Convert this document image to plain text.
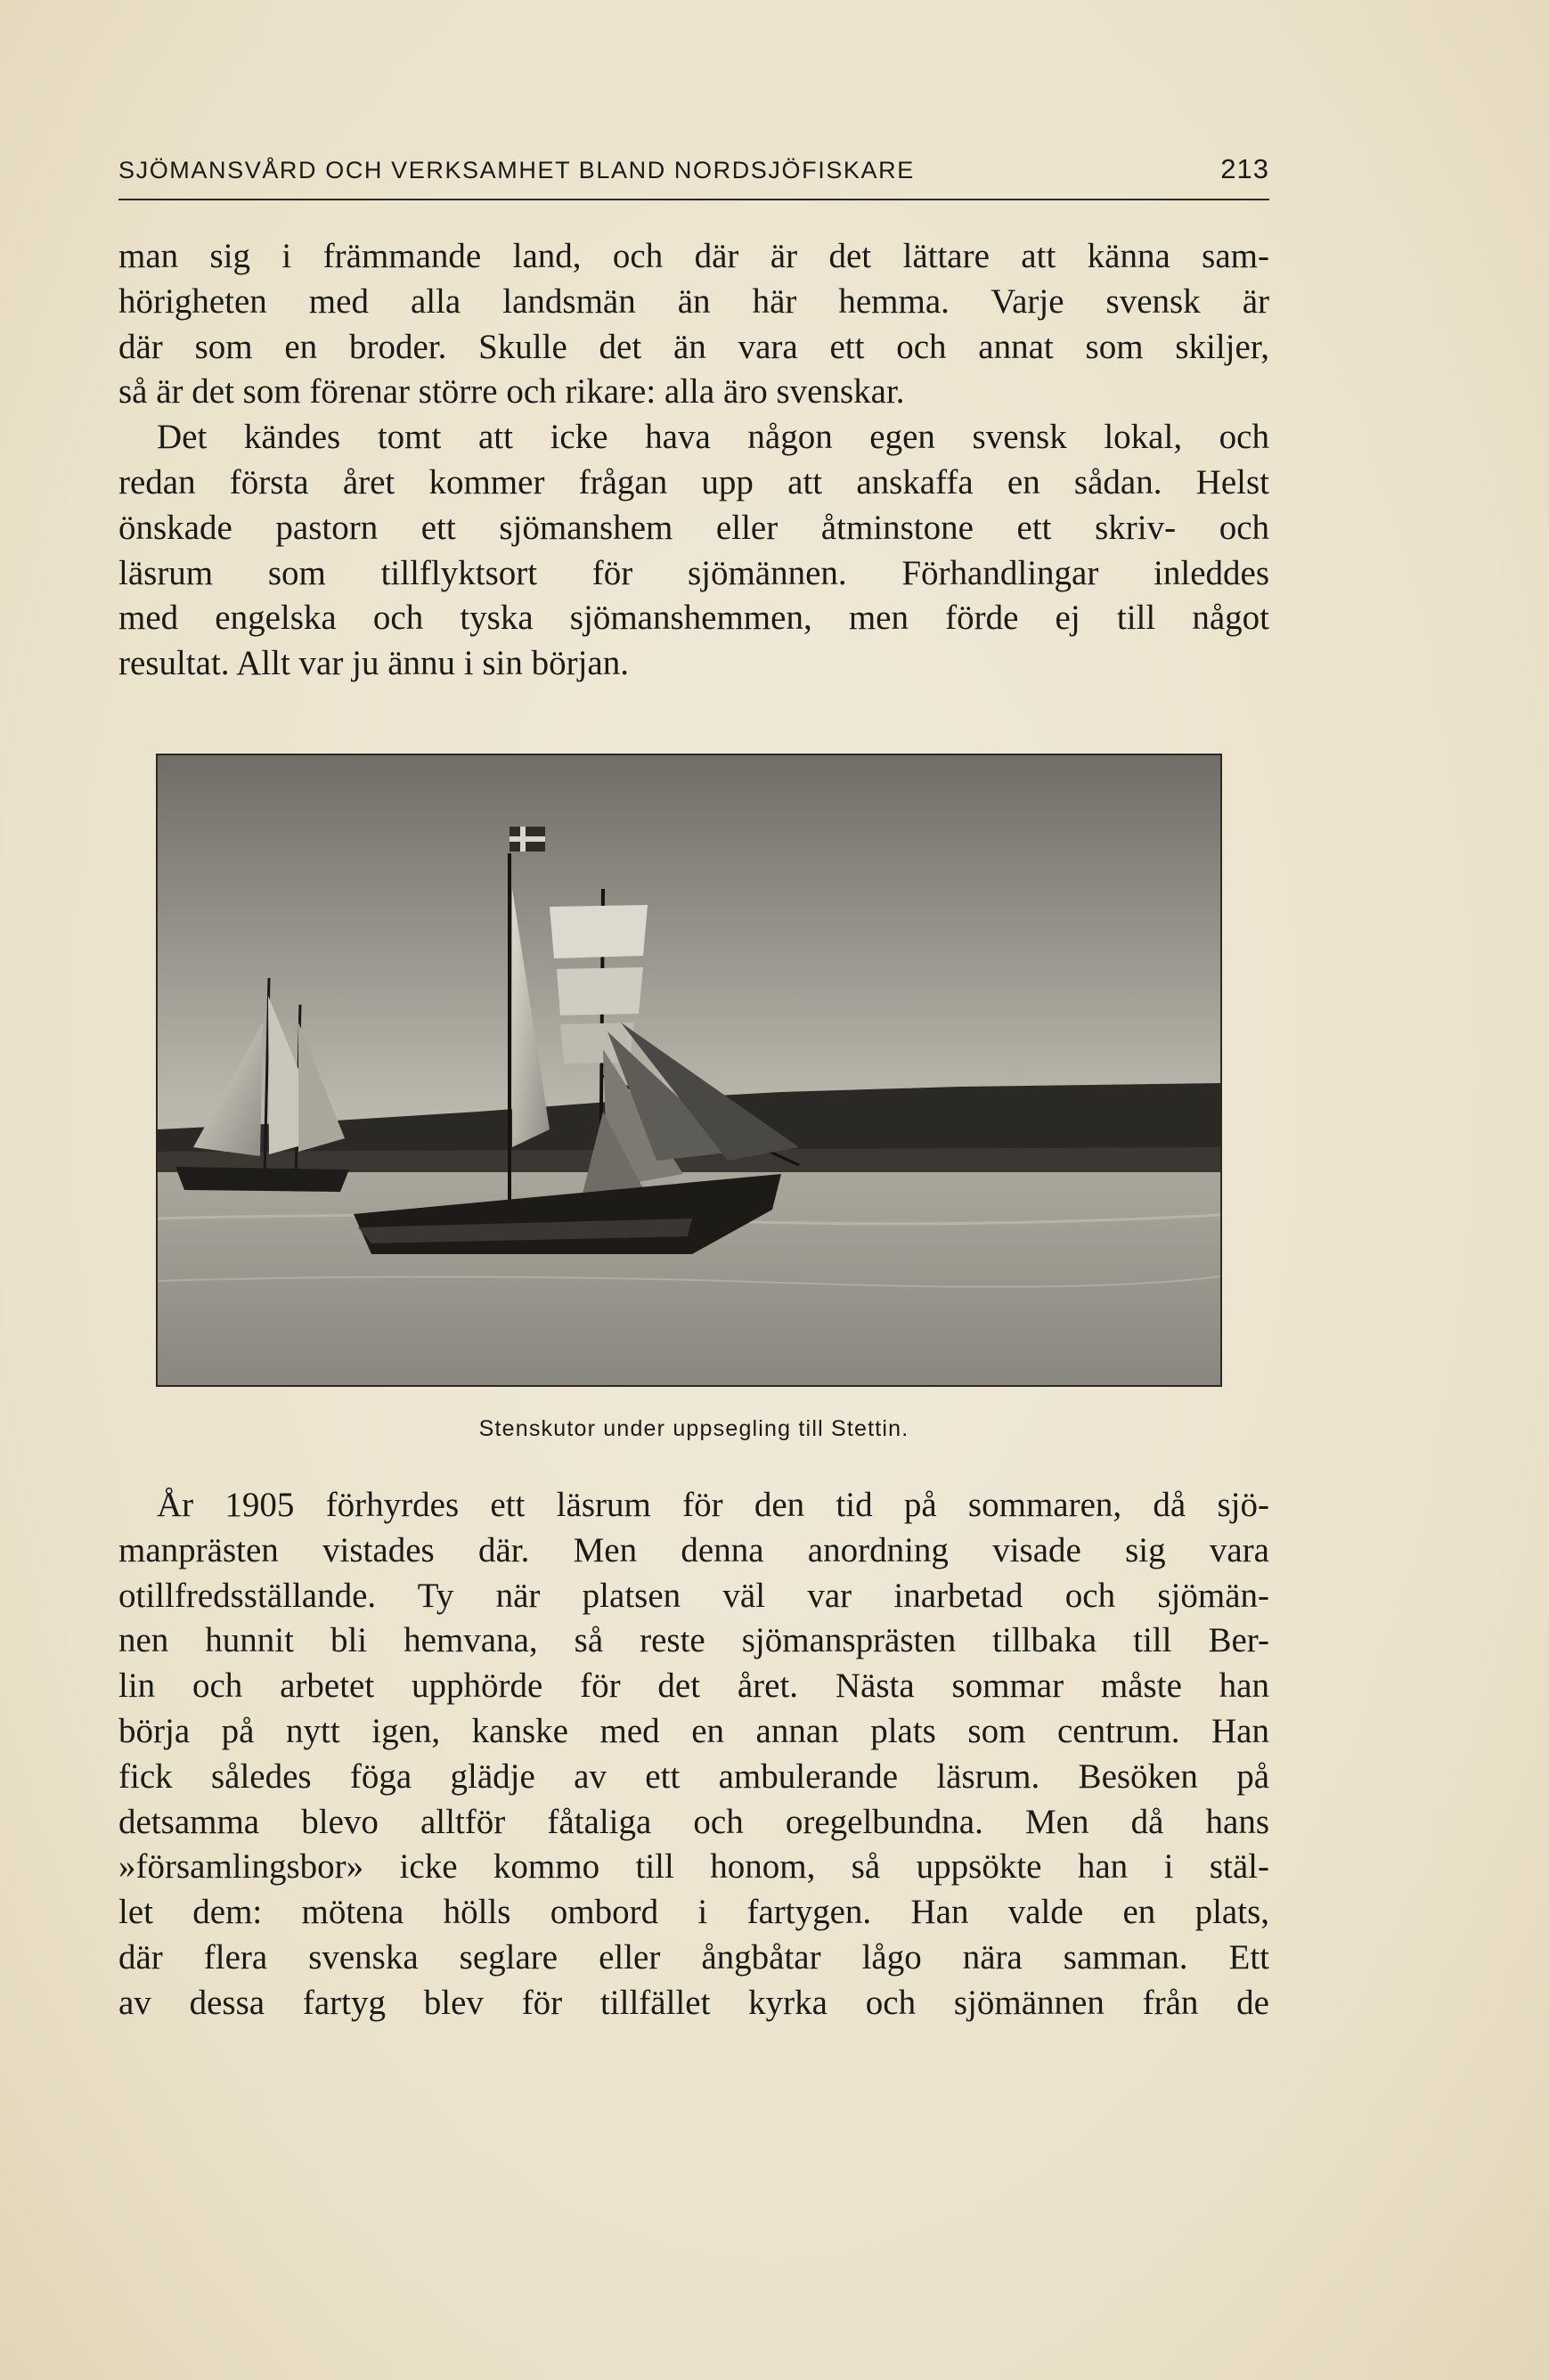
SJÖMANSVÅRD OCH VERKSAMHET BLAND NORDSJÖFISKARE	213

man sig i främmande land, och där är det lättare att känna sam-
hörigheten med alla landsmän än här hemma. Varje svensk är
där som en broder. Skulle det än vara ett och annat som skiljer,
så är det som förenar större och rikare: alla äro svenskar.

Det kändes tomt att icke hava någon egen svensk lokal, och
redan första året kommer frågan upp att anskaffa en sådan. Helst
önskade pastorn ett sjömanshem eller åtminstone ett skriv- och
läsrum som tillflyktsort för sjömännen. Förhandlingar inleddes
med engelska och tyska sjömanshemmen, men förde ej till något
resultat. Allt var ju ännu i sin början.

Stenskutor under uppsegling till Stettin.

År 1905 förhyrdes ett läsrum för den tid på sommaren, då sjö-
manprästen vistades där. Men denna anordning visade sig vara
otillfredsställande. Ty när platsen väl var inarbetad och sjömän-
nen hunnit bli hemvana, så reste sjömansprästen tillbaka till Ber-
lin och arbetet upphörde för det året. Nästa sommar måste han
börja på nytt igen, kanske med en annan plats som centrum. Han
fick således föga glädje av ett ambulerande läsrum. Besöken på
detsamma blevo alltför fåtaliga och oregelbundna. Men då hans
»församlingsbor» icke kommo till honom, så uppsökte han i stäl-
let dem: mötena hölls ombord i fartygen. Han valde en plats,
där flera svenska seglare eller ångbåtar lågo nära samman. Ett
av dessa fartyg blev för tillfället kyrka och sjömännen från de
